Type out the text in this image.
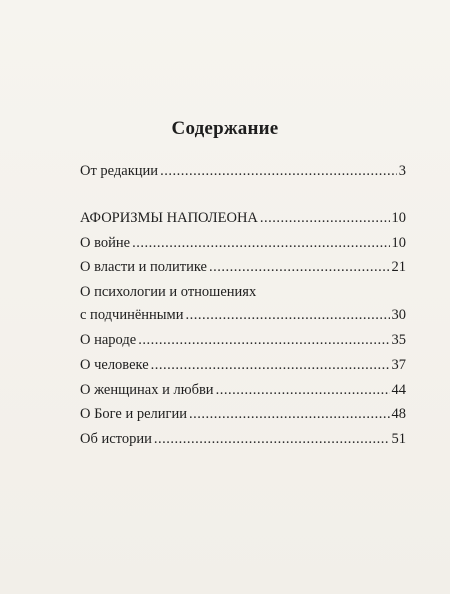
Содержание
От редакции .....	3
АФОРИЗМЫ НАПОЛЕОНА .....	10
О войне .....	10
О власти и политике .....	21
О психологии и отношениях
с подчинёнными .....	30
О народе .....	35
О человеке .....	37
О женщинах и любви .....	44
О Боге и религии .....	48
Об истории .....	51
